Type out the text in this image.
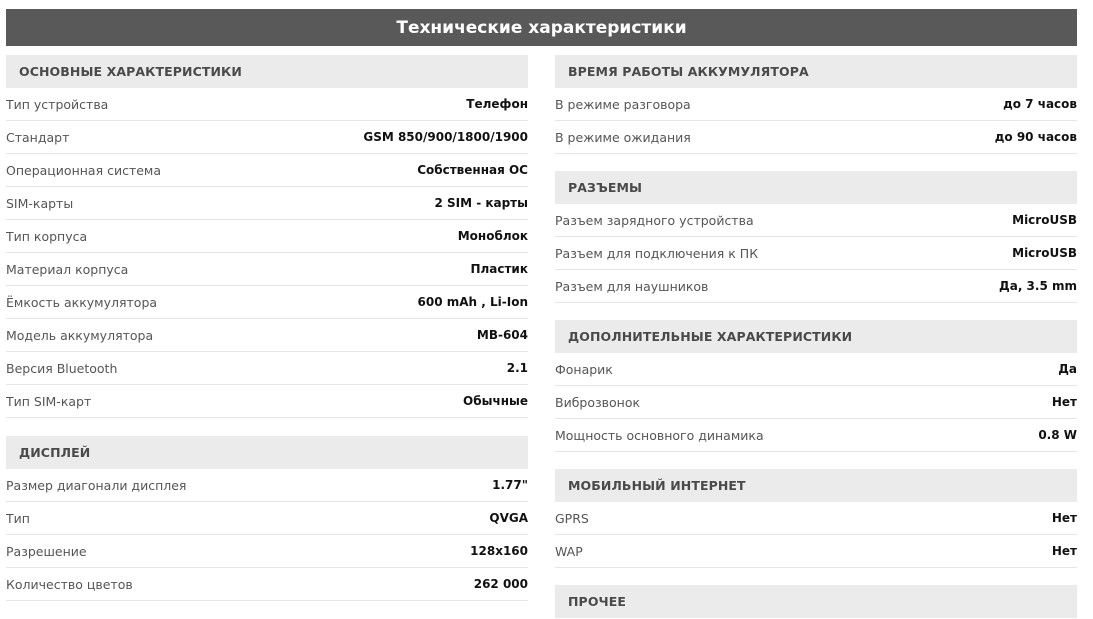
Технические характеристики
ОСНОВНЫЕ ХАРАКТЕРИСТИКИ
Тип устройства	Телефон
Стандарт	GSM 850/900/1800/1900
Операционная система	Собственная ОС
SIM-карты	2 SIM - карты
Тип корпуса	Моноблок
Материал корпуса	Пластик
Ёмкость аккумулятора	600 mAh , Li-Ion
Модель аккумулятора	MB-604
Версия Bluetooth	2.1
Тип SIM-карт	Обычные
ДИСПЛЕЙ
Размер диагонали дисплея	1.77"
Тип	QVGA
Разрешение	128x160
Количество цветов	262 000
ВРЕМЯ РАБОТЫ АККУМУЛЯТОРА
В режиме разговора	до 7 часов
В режиме ожидания	до 90 часов
РАЗЪЕМЫ
Разъем зарядного устройства	MicroUSB
Разъем для подключения к ПК	MicroUSB
Разъем для наушников	Да, 3.5 mm
ДОПОЛНИТЕЛЬНЫЕ ХАРАКТЕРИСТИКИ
Фонарик	Да
Виброзвонок	Нет
Мощность основного динамика	0.8 W
МОБИЛЬНЫЙ ИНТЕРНЕТ
GPRS	Нет
WAP	Нет
ПРОЧЕЕ
